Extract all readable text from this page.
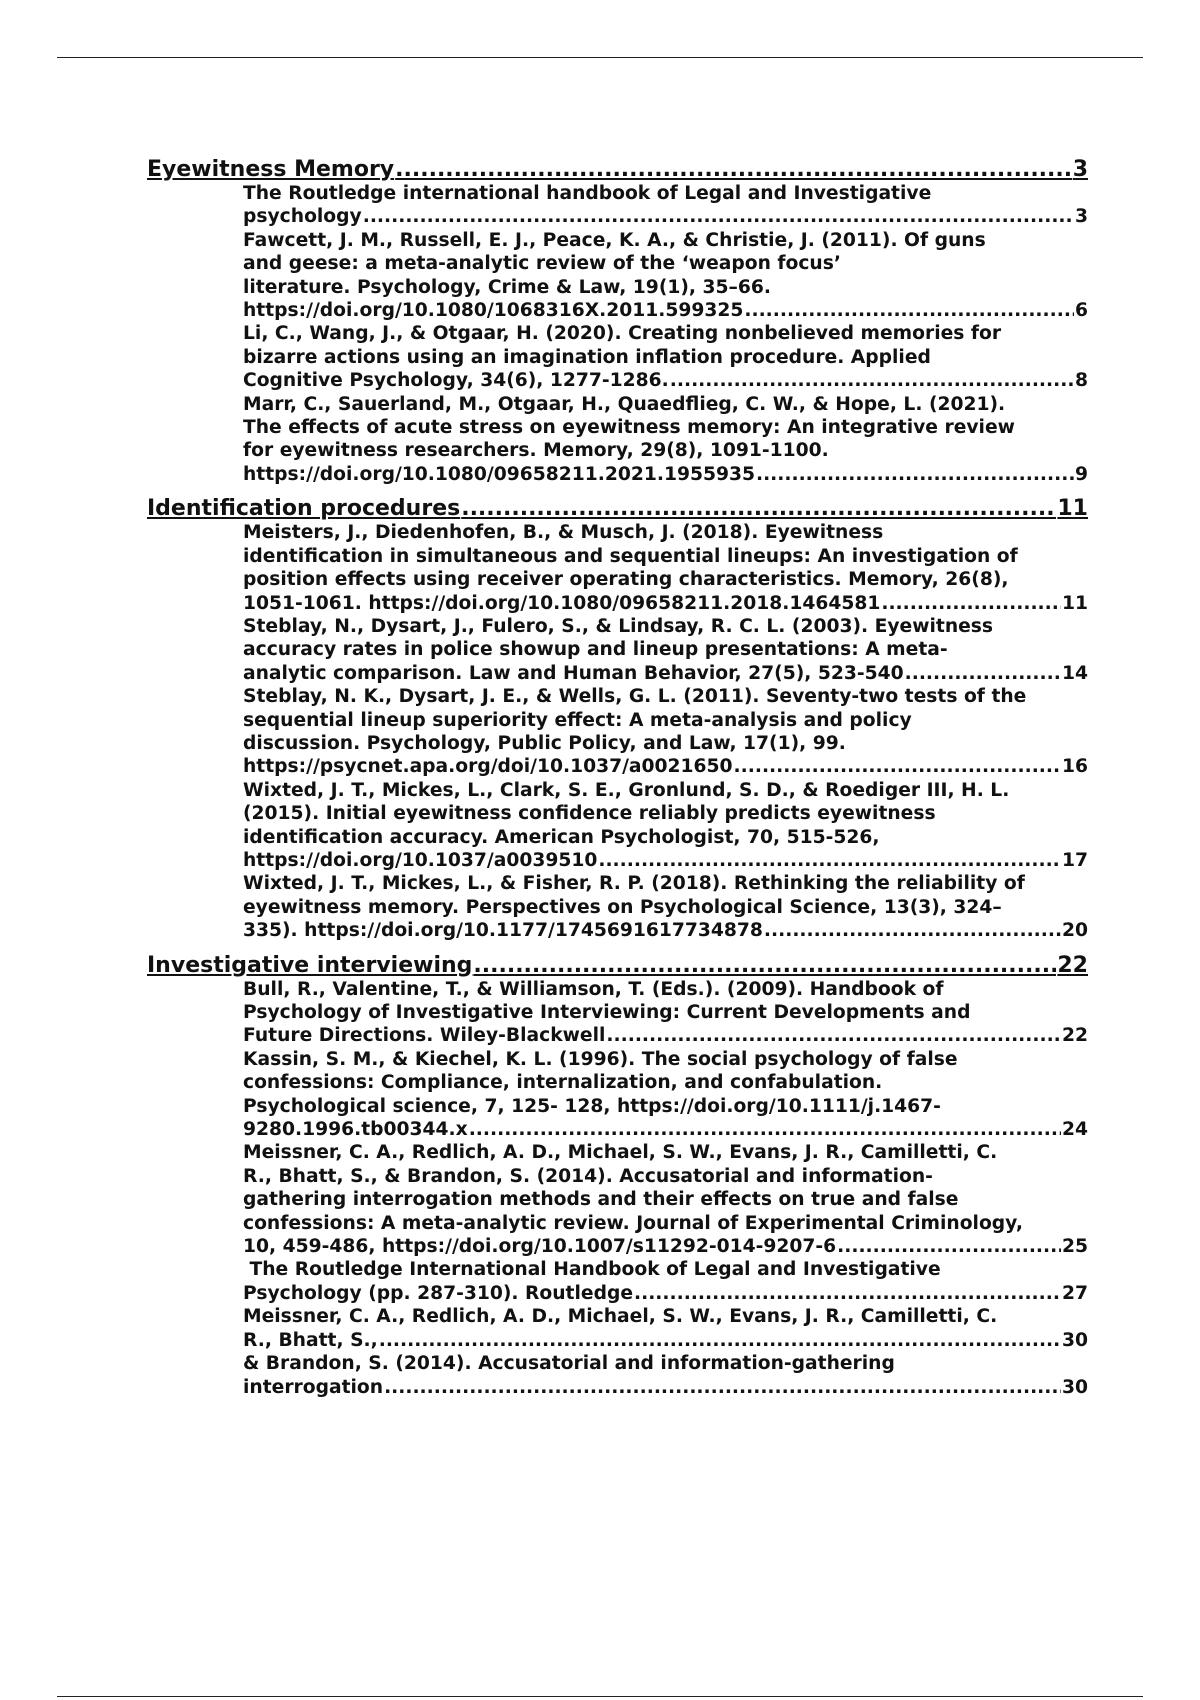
Eyewitness Memory .....	3
The Routledge international handbook of Legal and Investigative
psychology .....	3
Fawcett, J. M., Russell, E. J., Peace, K. A., & Christie, J. (2011). Of guns
and geese: a meta-analytic review of the ‘weapon focus’
literature. Psychology, Crime & Law, 19(1), 35–66.
https://doi.org/10.1080/1068316X.2011.599325 .....	6
Li, C., Wang, J., & Otgaar, H. (2020). Creating nonbelieved memories for
bizarre actions using an imagination inflation procedure. Applied
Cognitive Psychology, 34(6), 1277-1286. .....	8
Marr, C., Sauerland, M., Otgaar, H., Quaedflieg, C. W., & Hope, L. (2021).
The effects of acute stress on eyewitness memory: An integrative review
for eyewitness researchers. Memory, 29(8), 1091-1100.
https://doi.org/10.1080/09658211.2021.1955935 .....	9
Identification procedures .....	11
Meisters, J., Diedenhofen, B., & Musch, J. (2018). Eyewitness
identification in simultaneous and sequential lineups: An investigation of
position effects using receiver operating characteristics. Memory, 26(8),
1051-1061. https://doi.org/10.1080/09658211.2018.1464581 .....	11
Steblay, N., Dysart, J., Fulero, S., & Lindsay, R. C. L. (2003). Eyewitness
accuracy rates in police showup and lineup presentations: A meta-
analytic comparison. Law and Human Behavior, 27(5), 523-540 .....	14
Steblay, N. K., Dysart, J. E., & Wells, G. L. (2011). Seventy-two tests of the
sequential lineup superiority effect: A meta-analysis and policy
discussion. Psychology, Public Policy, and Law, 17(1), 99.
https://psycnet.apa.org/doi/10.1037/a0021650 .....	16
Wixted, J. T., Mickes, L., Clark, S. E., Gronlund, S. D., & Roediger III, H. L.
(2015). Initial eyewitness confidence reliably predicts eyewitness
identification accuracy. American Psychologist, 70, 515-526,
https://doi.org/10.1037/a0039510 .....	17
Wixted, J. T., Mickes, L., & Fisher, R. P. (2018). Rethinking the reliability of
eyewitness memory. Perspectives on Psychological Science, 13(3), 324–
335). https://doi.org/10.1177/1745691617734878 .....	20
Investigative interviewing .....	22
Bull, R., Valentine, T., & Williamson, T. (Eds.). (2009). Handbook of
Psychology of Investigative Interviewing: Current Developments and
Future Directions. Wiley-Blackwell .....	22
Kassin, S. M., & Kiechel, K. L. (1996). The social psychology of false
confessions: Compliance, internalization, and confabulation.
Psychological science, 7, 125- 128, https://doi.org/10.1111/j.1467-
9280.1996.tb00344.x .....	24
Meissner, C. A., Redlich, A. D., Michael, S. W., Evans, J. R., Camilletti, C.
R., Bhatt, S., & Brandon, S. (2014). Accusatorial and information-
gathering interrogation methods and their effects on true and false
confessions: A meta-analytic review. Journal of Experimental Criminology,
10, 459-486, https://doi.org/10.1007/s11292-014-9207-6 .....	25
The Routledge International Handbook of Legal and Investigative
Psychology (pp. 287-310). Routledge .....	27
Meissner, C. A., Redlich, A. D., Michael, S. W., Evans, J. R., Camilletti, C.
R., Bhatt, S., .....	30
& Brandon, S. (2014). Accusatorial and information-gathering
interrogation .....	30
